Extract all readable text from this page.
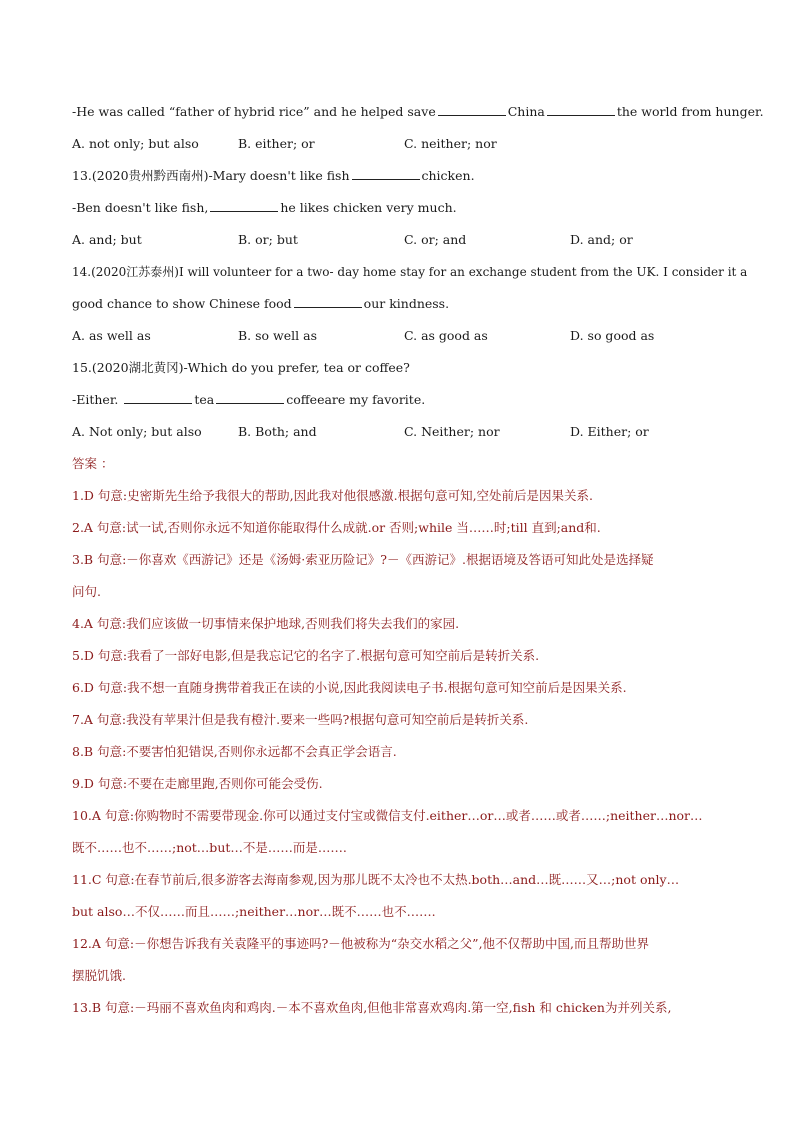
-He was called “father of hybrid rice” and he helped save	China	the world from hunger.
A. not only; but also	B. either; or	C. neither; nor
13.(2020贵州黔西南州)-Mary doesn't like fish	chicken.
-Ben doesn't like fish,	he likes chicken very much.
A. and; but	B. or; but	C. or; and	D. and; or
14.(2020江苏泰州)I will volunteer for a two- day home stay for an exchange student from the UK. I consider it a
good chance to show Chinese food	our kindness.
A. as well as	B. so well as	C. as good as	D. so good as
15.(2020湖北黄冈)-Which do you prefer, tea or coffee?
-Either.	tea	coffeeare my favorite.
A. Not only; but also	B. Both; and	C. Neither; nor	D. Either; or
答案 ：
1.D 句意:史密斯先生给予我很大的帮助,因此我对他很感激.根据句意可知,空处前后是因果关系.
2.A 句意:试一试,否则你永远不知道你能取得什么成就.or 否则;while 当……时;till 直到;and和.
3.B 句意:－你喜欢《西游记》还是《汤姆·索亚历险记》?－《西游记》.根据语境及答语可知此处是选择疑
问句.
4.A 句意:我们应该做一切事情来保护地球,否则我们将失去我们的家园.
5.D 句意:我看了一部好电影,但是我忘记它的名字了.根据句意可知空前后是转折关系.
6.D 句意:我不想一直随身携带着我正在读的小说,因此我阅读电子书.根据句意可知空前后是因果关系.
7.A 句意:我没有苹果汁但是我有橙汁.要来一些吗?根据句意可知空前后是转折关系.
8.B 句意:不要害怕犯错误,否则你永远都不会真正学会语言.
9.D 句意:不要在走廊里跑,否则你可能会受伤.
10.A 句意:你购物时不需要带现金.你可以通过支付宝或微信支付.either…or…或者……或者……;neither…nor…
既不……也不……;not…but…不是……而是…….
11.C 句意:在春节前后,很多游客去海南参观,因为那儿既不太冷也不太热.both…and…既……又…;not only…
but also…不仅……而且……;neither…nor…既不……也不…….
12.A 句意:－你想告诉我有关袁隆平的事迹吗?－他被称为“杂交水稻之父”,他不仅帮助中国,而且帮助世界
摆脱饥饿.
13.B 句意:－玛丽不喜欢鱼肉和鸡肉.－本不喜欢鱼肉,但他非常喜欢鸡肉.第一空,fish 和 chicken为并列关系,
